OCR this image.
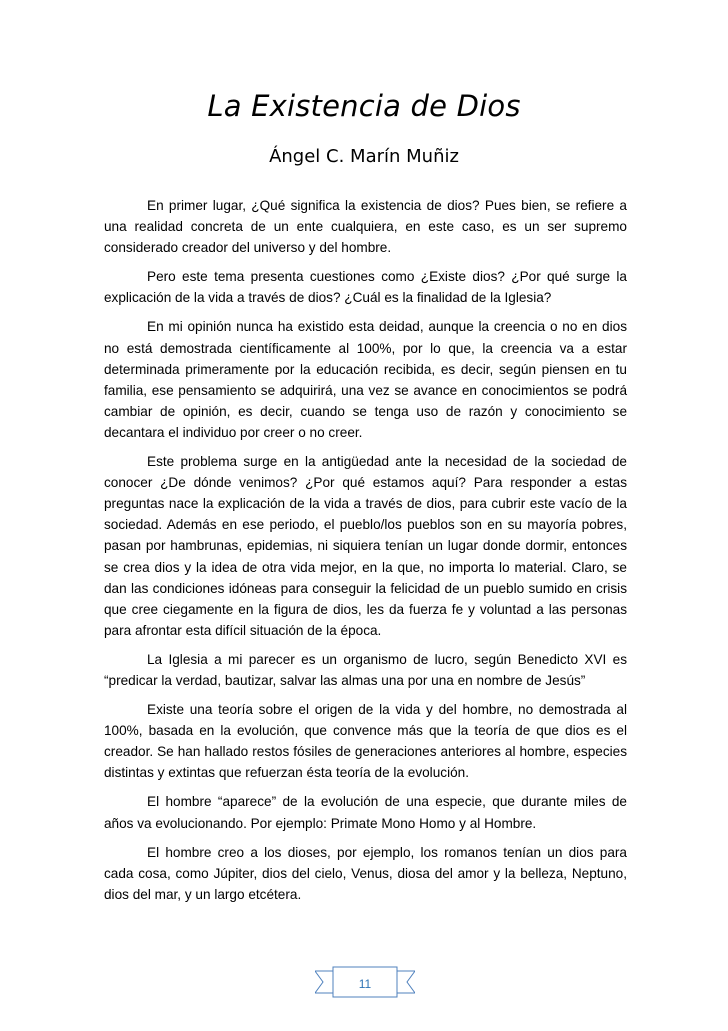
La Existencia de Dios
Ángel C. Marín Muñiz

En primer lugar, ¿Qué significa la existencia de dios? Pues bien, se refiere a una realidad concreta de un ente cualquiera, en este caso, es un ser supremo considerado creador del universo y del hombre.

Pero este tema presenta cuestiones como ¿Existe dios? ¿Por qué surge la explicación de la vida a través de dios? ¿Cuál es la finalidad de la Iglesia?

En mi opinión nunca ha existido esta deidad, aunque la creencia o no en dios no está demostrada científicamente al 100%, por lo que, la creencia va a estar determinada primeramente por la educación recibida, es decir, según piensen en tu familia, ese pensamiento se adquirirá, una vez se avance en conocimientos se podrá cambiar de opinión, es decir, cuando se tenga uso de razón y conocimiento se decantara el individuo por creer o no creer.

Este problema surge en la antigüedad ante la necesidad de la sociedad de conocer ¿De dónde venimos? ¿Por qué estamos aquí? Para responder a estas preguntas nace la explicación de la vida a través de dios, para cubrir este vacío de la sociedad. Además en ese periodo, el pueblo/los pueblos son en su mayoría pobres, pasan por hambrunas, epidemias, ni siquiera tenían un lugar donde dormir, entonces se crea dios y la idea de otra vida mejor, en la que, no importa lo material. Claro, se dan las condiciones idóneas para conseguir la felicidad de un pueblo sumido en crisis que cree ciegamente en la figura de dios, les da fuerza fe y voluntad a las personas para afrontar esta difícil situación de la época.

La Iglesia a mi parecer es un organismo de lucro, según Benedicto XVI es “predicar la verdad, bautizar, salvar las almas una por una en nombre de Jesús”

Existe una teoría sobre el origen de la vida y del hombre, no demostrada al 100%, basada en la evolución, que convence más que la teoría de que dios es el creador. Se han hallado restos fósiles de generaciones anteriores al hombre, especies distintas y extintas que refuerzan ésta teoría de la evolución.

El hombre “aparece” de la evolución de una especie, que durante miles de años va evolucionando. Por ejemplo: Primate Mono Homo y al Hombre.

El hombre creo a los dioses, por ejemplo, los romanos tenían un dios para cada cosa, como Júpiter, dios del cielo, Venus, diosa del amor y la belleza, Neptuno, dios del mar, y un largo etcétera.

11
